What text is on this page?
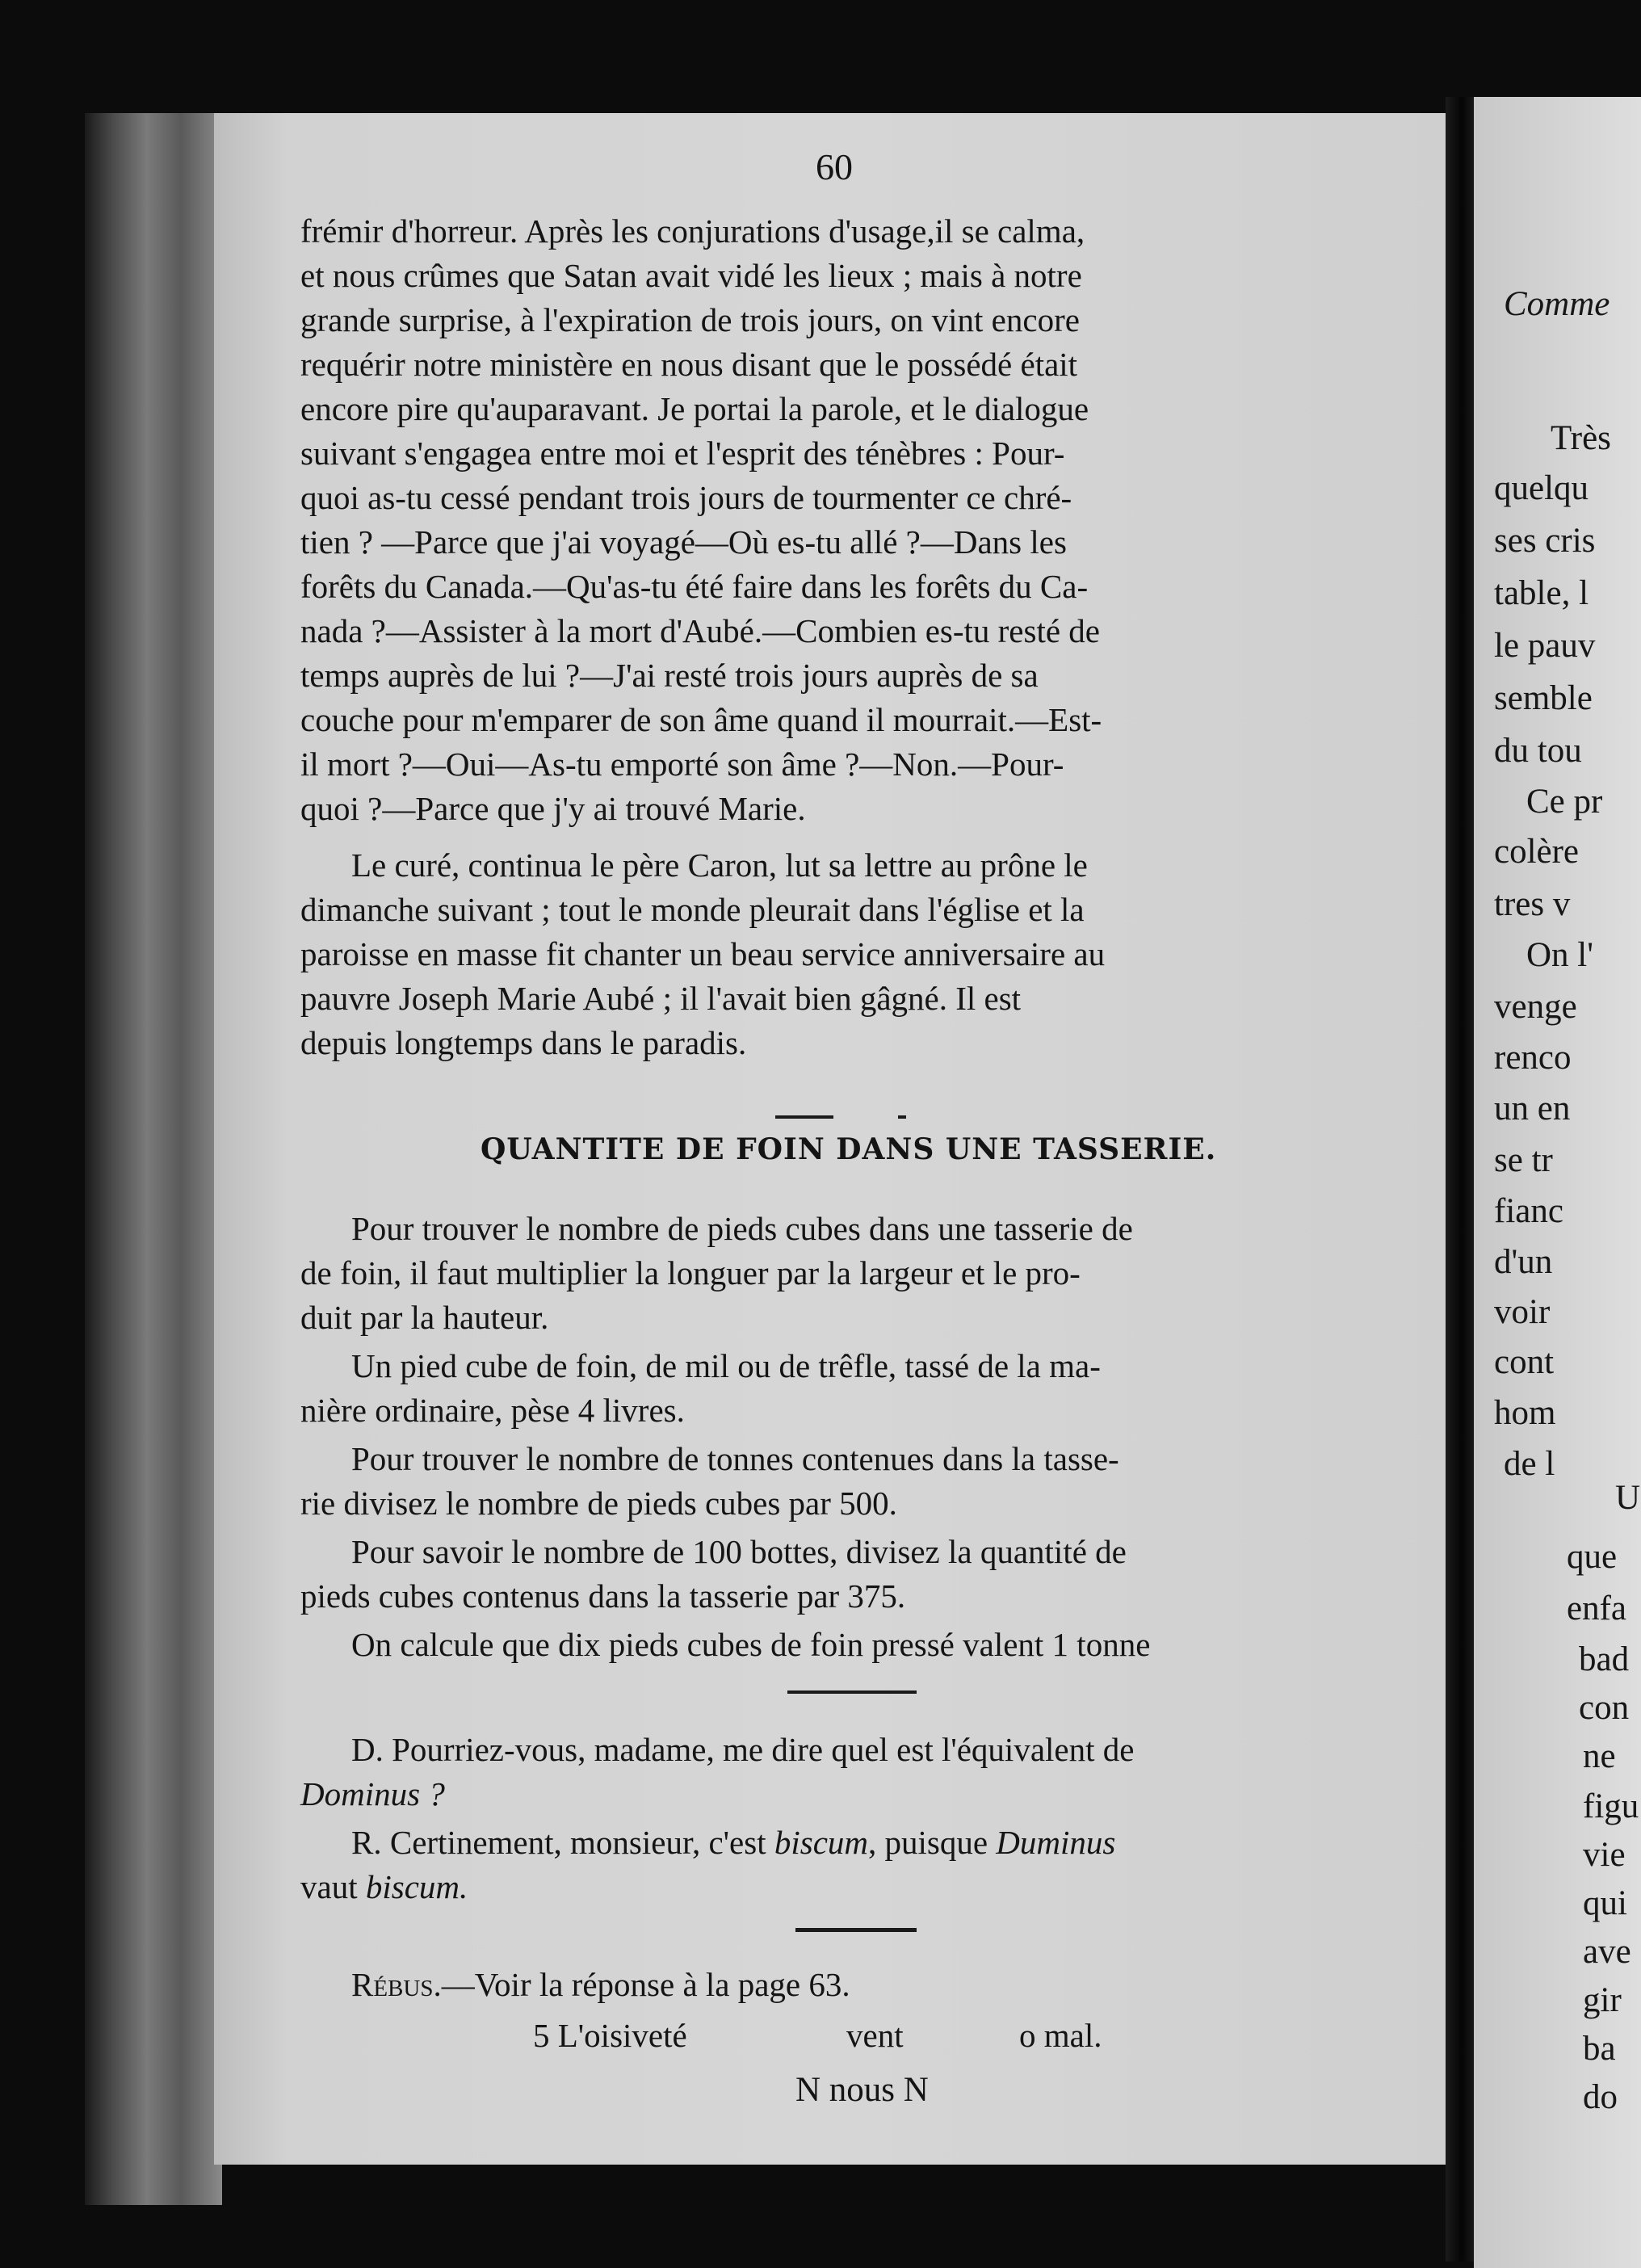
60
frémir d'horreur. Après les conjurations d'usage,il se calma,
et nous crûmes que Satan avait vidé les lieux ; mais à notre
grande surprise, à l'expiration de trois jours, on vint encore
requérir notre ministère en nous disant que le possédé était
encore pire qu'auparavant. Je portai la parole, et le dialogue
suivant s'engagea entre moi et l'esprit des ténèbres : Pour-
quoi as-tu cessé pendant trois jours de tourmenter ce chré-
tien ? —Parce que j'ai voyagé—Où es-tu allé ?—Dans les
forêts du Canada.—Qu'as-tu été faire dans les forêts du Ca-
nada ?—Assister à la mort d'Aubé.—Combien es-tu resté de
temps auprès de lui ?—J'ai resté trois jours auprès de sa
couche pour m'emparer de son âme quand il mourrait.—Est-
il mort ?—Oui—As-tu emporté son âme ?—Non.—Pour-
quoi ?—Parce que j'y ai trouvé Marie.
Le curé, continua le père Caron, lut sa lettre au prône le
dimanche suivant ; tout le monde pleurait dans l'église et la
paroisse en masse fit chanter un beau service anniversaire au
pauvre Joseph Marie Aubé ; il l'avait bien gâgné. Il est
depuis longtemps dans le paradis.
QUANTITE DE FOIN DANS UNE TASSERIE.
Pour trouver le nombre de pieds cubes dans une tasserie de
de foin, il faut multiplier la longuer par la largeur et le pro-
duit par la hauteur.
Un pied cube de foin, de mil ou de trêfle, tassé de la ma-
nière ordinaire, pèse 4 livres.
Pour trouver le nombre de tonnes contenues dans la tasse-
rie divisez le nombre de pieds cubes par 500.
Pour savoir le nombre de 100 bottes, divisez la quantité de
pieds cubes contenus dans la tasserie par 375.
On calcule que dix pieds cubes de foin pressé valent 1 tonne
D. Pourriez-vous, madame, me dire quel est l'équivalent de
Dominus ?
R. Certinement, monsieur, c'est biscum, puisque Duminus
vaut biscum.
Rébus.—Voir la réponse à la page 63.
5 L'oisiveté	vent	o mal.
N nous N
Comme
Très
quelqu
ses cris
table, l
le pauv
semble
du tou
Ce pr
colère
tres v
On l'
venge
renco
un en
se tr
fianc
d'un
voir
cont
hom
de l
U
que
enfa
bad
con
ne
figu
vie
qui
ave
gir
ba
do
